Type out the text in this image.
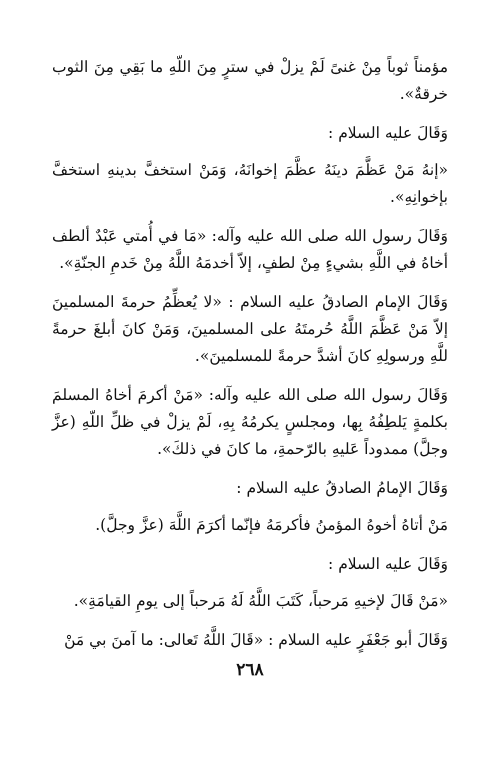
مؤمناً ثوباً مِنْ غنىً لَمْ يزلْ في سترٍ مِنَ اللّهِ ما بَقِي مِنَ الثوب خرقةٌ».

وَقَالَ عليه السلام :

«إنهُ مَنْ عَظَّمَ دينَهُ عظَّمَ إخوانَهُ، وَمَنْ استخفَّ بدينهِ استخفَّ بإخوانِهِ».

وَقَالَ رسول الله صلى الله عليه وآله: «مَا في أُمتي عَبْدٌ ألطف أخاهُ في اللَّهِ بشيءٍ مِنْ لطفٍ، إلاّ أخدمَهُ اللَّهُ مِنْ خَدمِ الجنّةِ».

وَقَالَ الإمام الصادقُ عليه السلام : «لا يُعظِّمُ حرمةَ المسلمينَ إلاّ مَنْ عَظَّمَ اللَّهُ حُرمتَهُ على المسلمينَ، وَمَنْ كانَ أبلغَ حرمةً للَّهِ ورسولِهِ كانَ أشدَّ حرمةً للمسلمينَ».

وَقَالَ رسول الله صلى الله عليه وآله: «مَنْ أكرمَ أخاهُ المسلمَ بكلمةٍ يَلطِفُهُ بِها، ومجلسٍ يكرمُهُ بِهِ، لَمْ يزلْ في ظلِّ اللّهِ (عزَّ وجلَّ) ممدوداً عَليهِ بالرّحمةِ، ما كانَ في ذلكَ».

وَقَالَ الإمامُ الصادقُ عليه السلام :

مَنْ أتاهُ أخوهُ المؤمنُ فأكرمَهُ فإنّما أكرَمَ اللَّهَ (عزَّ وجلَّ).

وَقَالَ عليه السلام :

«مَنْ قَالَ لإخيهِ مَرحباً، كَتَبَ اللَّهُ لَهُ مَرحباً إلى يومِ القيامَةِ».

وَقَالَ أبو جَعْفَرٍ عليه السلام : «قَالَ اللَّهُ تَعالى: ما آمنَ بي مَنْ

٢٦٨
